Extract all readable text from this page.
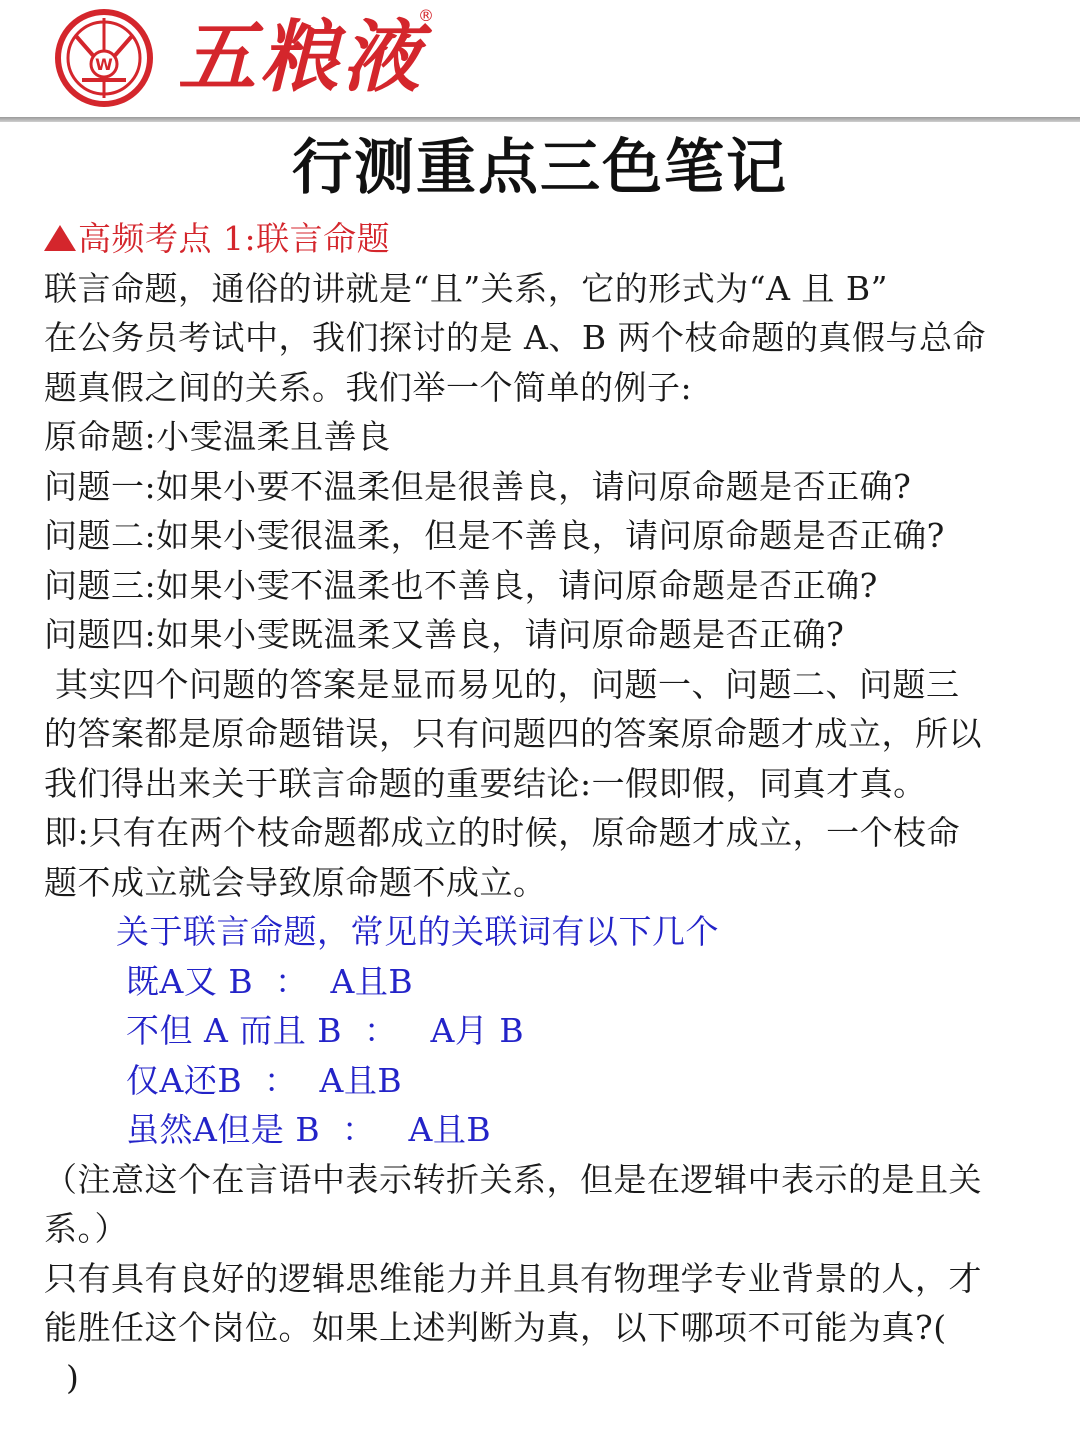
W 五粮液
®
行测重点三色笔记
高频考点 1:联言命题
联言命题，通俗的讲就是“且”关系，它的形式为“A 且 B”
在公务员考试中，我们探讨的是 A、B 两个枝命题的真假与总命
题真假之间的关系。我们举一个简单的例子:
原命题:小雯温柔且善良
问题一:如果小要不温柔但是很善良，请问原命题是否正确?
问题二:如果小雯很温柔，但是不善良，请问原命题是否正确?
问题三:如果小雯不温柔也不善良，请问原命题是否正确?
问题四:如果小雯既温柔又善良，请问原命题是否正确?
其实四个问题的答案是显而易见的，问题一、问题二、问题三
的答案都是原命题错误，只有问题四的答案原命题才成立，所以
我们得出来关于联言命题的重要结论:一假即假，同真才真。
即:只有在两个枝命题都成立的时候，原命题才成立，一个枝命
题不成立就会导致原命题不成立。
关于联言命题，常见的关联词有以下几个
既A又 B  ：  A且B
不但 A 而且 B  ：   A月 B
仅A还B  ：  A且B
虽然A但是 B  ：   A且B
（注意这个在言语中表示转折关系，但是在逻辑中表示的是且关
系。）
只有具有良好的逻辑思维能力并且具有物理学专业背景的人，才
能胜任这个岗位。如果上述判断为真，以下哪项不可能为真?(
)
